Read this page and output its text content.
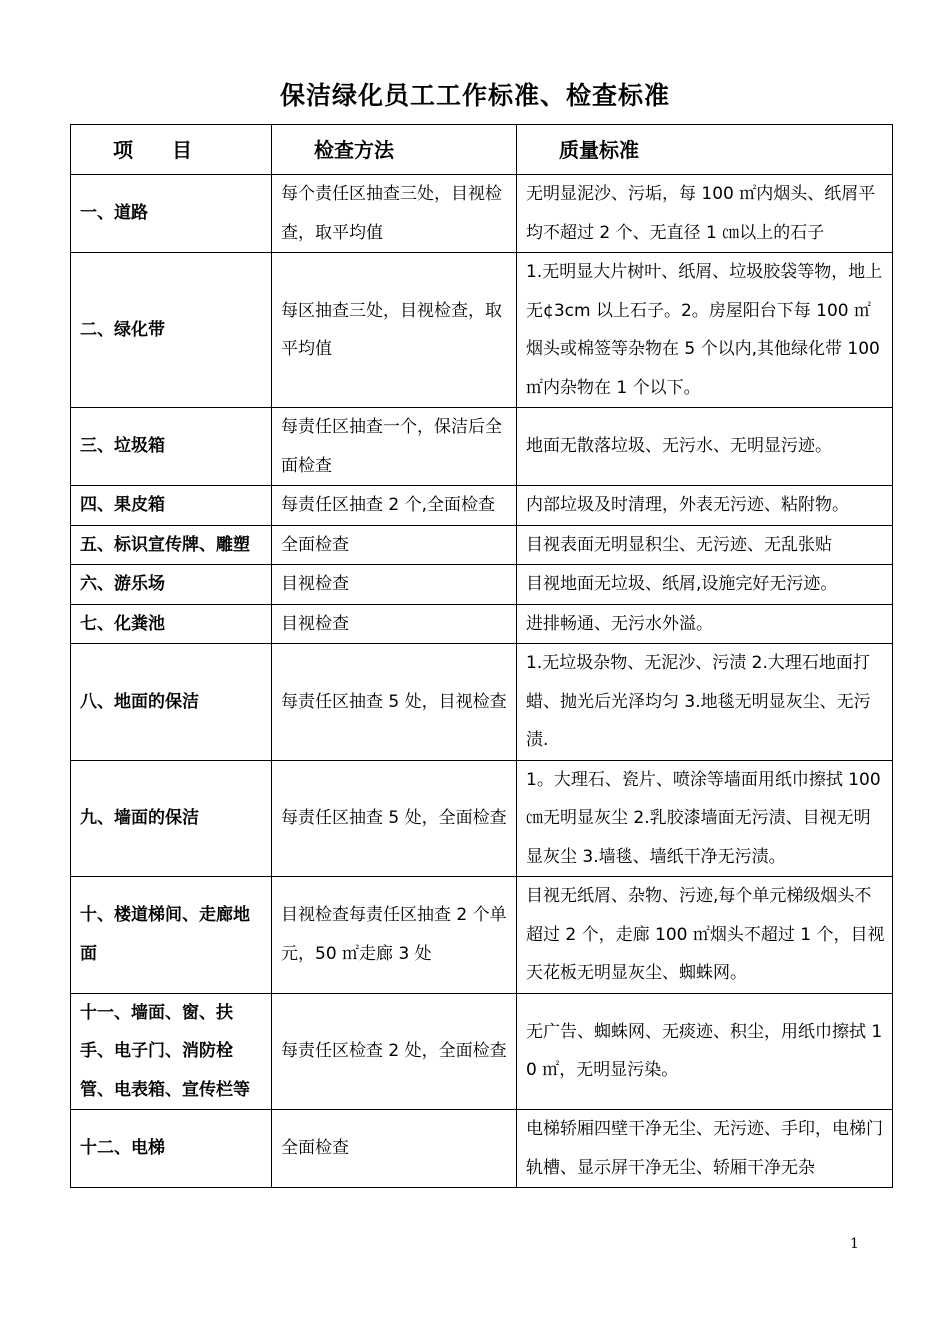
保洁绿化员工工作标准、检查标准
项 目	检查方法	质量标准
一、道路	每个责任区抽查三处，目视检查，取平均值	无明显泥沙、污垢，每 100 ㎡内烟头、纸屑平均不超过 2 个、无直径 1 ㎝以上的石子
二、绿化带	每区抽查三处，目视检查，取平均值	1.无明显大片树叶、纸屑、垃圾胶袋等物，地上无¢3cm 以上石子。2。房屋阳台下每 100 ㎡烟头或棉签等杂物在 5 个以内,其他绿化带 100 ㎡内杂物在 1 个以下。
三、垃圾箱	每责任区抽查一个，保洁后全面检查	地面无散落垃圾、无污水、无明显污迹。
四、果皮箱	每责任区抽查 2 个,全面检查	内部垃圾及时清理，外表无污迹、粘附物。
五、标识宣传牌、雕塑	全面检查	目视表面无明显积尘、无污迹、无乱张贴
六、游乐场	目视检查	目视地面无垃圾、纸屑,设施完好无污迹。
七、化粪池	目视检查	进排畅通、无污水外溢。
八、地面的保洁	每责任区抽查 5 处，目视检查	1.无垃圾杂物、无泥沙、污渍 2.大理石地面打蜡、抛光后光泽均匀 3.地毯无明显灰尘、无污渍.
九、墙面的保洁	每责任区抽查 5 处，全面检查	1。大理石、瓷片、喷涂等墙面用纸巾擦拭 100 ㎝无明显灰尘 2.乳胶漆墙面无污渍、目视无明显灰尘 3.墙毯、墙纸干净无污渍。
十、楼道梯间、走廊地面	目视检查每责任区抽查 2 个单元，50 ㎡走廊 3 处	目视无纸屑、杂物、污迹,每个单元梯级烟头不超过 2 个，走廊 100 ㎡烟头不超过 1 个，目视天花板无明显灰尘、蜘蛛网。
十一、墙面、窗、扶手、电子门、消防栓管、电表箱、宣传栏等	每责任区检查 2 处，全面检查	无广告、蜘蛛网、无痰迹、积尘，用纸巾擦拭 10 ㎡，无明显污染。
十二、电梯	全面检查	电梯轿厢四壁干净无尘、无污迹、手印，电梯门轨槽、显示屏干净无尘、轿厢干净无杂
1
